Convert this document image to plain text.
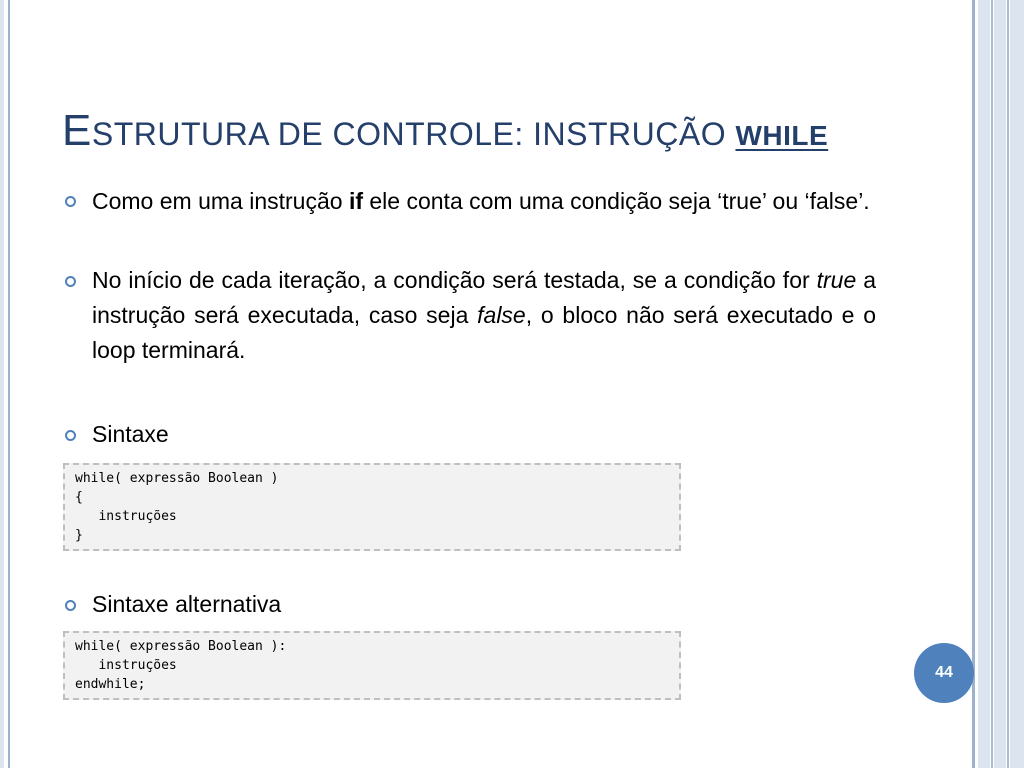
ESTRUTURA DE CONTROLE: INSTRUÇÃO WHILE
Como em uma instrução if ele conta com uma condição seja ‘true’ ou ‘false’.
No início de cada iteração, a condição será testada, se a condição for true a instrução será executada, caso seja false, o bloco não será executado e o loop terminará.
Sintaxe
while( expressão Boolean )
{
instruções
}
Sintaxe alternativa
while( expressão Boolean ):
instruções
endwhile;
44
